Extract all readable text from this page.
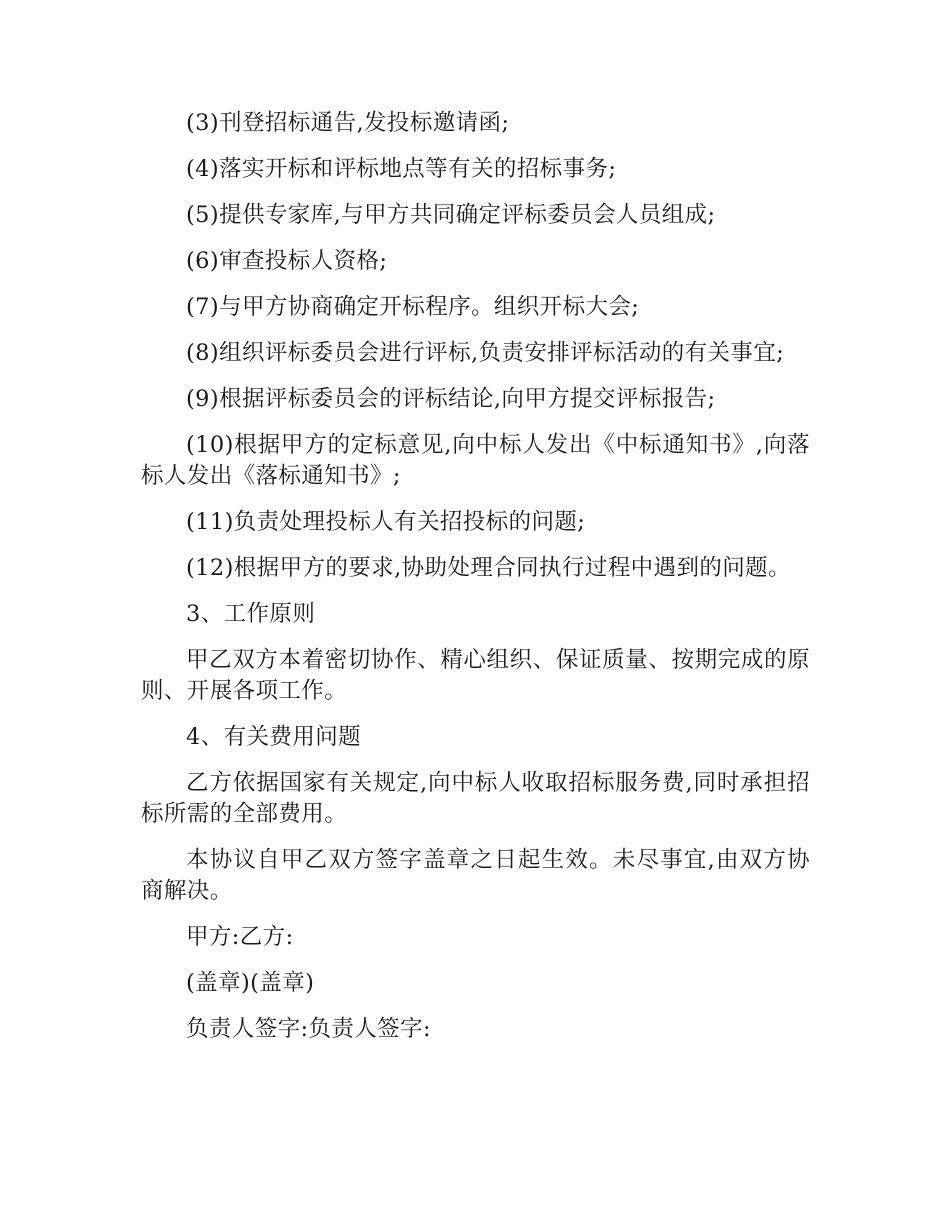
(3)刊登招标通告,发投标邀请函;

(4)落实开标和评标地点等有关的招标事务;

(5)提供专家库,与甲方共同确定评标委员会人员组成;

(6)审查投标人资格;

(7)与甲方协商确定开标程序。组织开标大会;

(8)组织评标委员会进行评标,负责安排评标活动的有关事宜;

(9)根据评标委员会的评标结论,向甲方提交评标报告;

(10)根据甲方的定标意见,向中标人发出《中标通知书》,向落标人发出《落标通知书》;

(11)负责处理投标人有关招投标的问题;

(12)根据甲方的要求,协助处理合同执行过程中遇到的问题。

3、工作原则

甲乙双方本着密切协作、精心组织、保证质量、按期完成的原则、开展各项工作。

4、有关费用问题

乙方依据国家有关规定,向中标人收取招标服务费,同时承担招标所需的全部费用。

本协议自甲乙双方签字盖章之日起生效。未尽事宜,由双方协商解决。

甲方:乙方:

(盖章)(盖章)

负责人签字:负责人签字:
